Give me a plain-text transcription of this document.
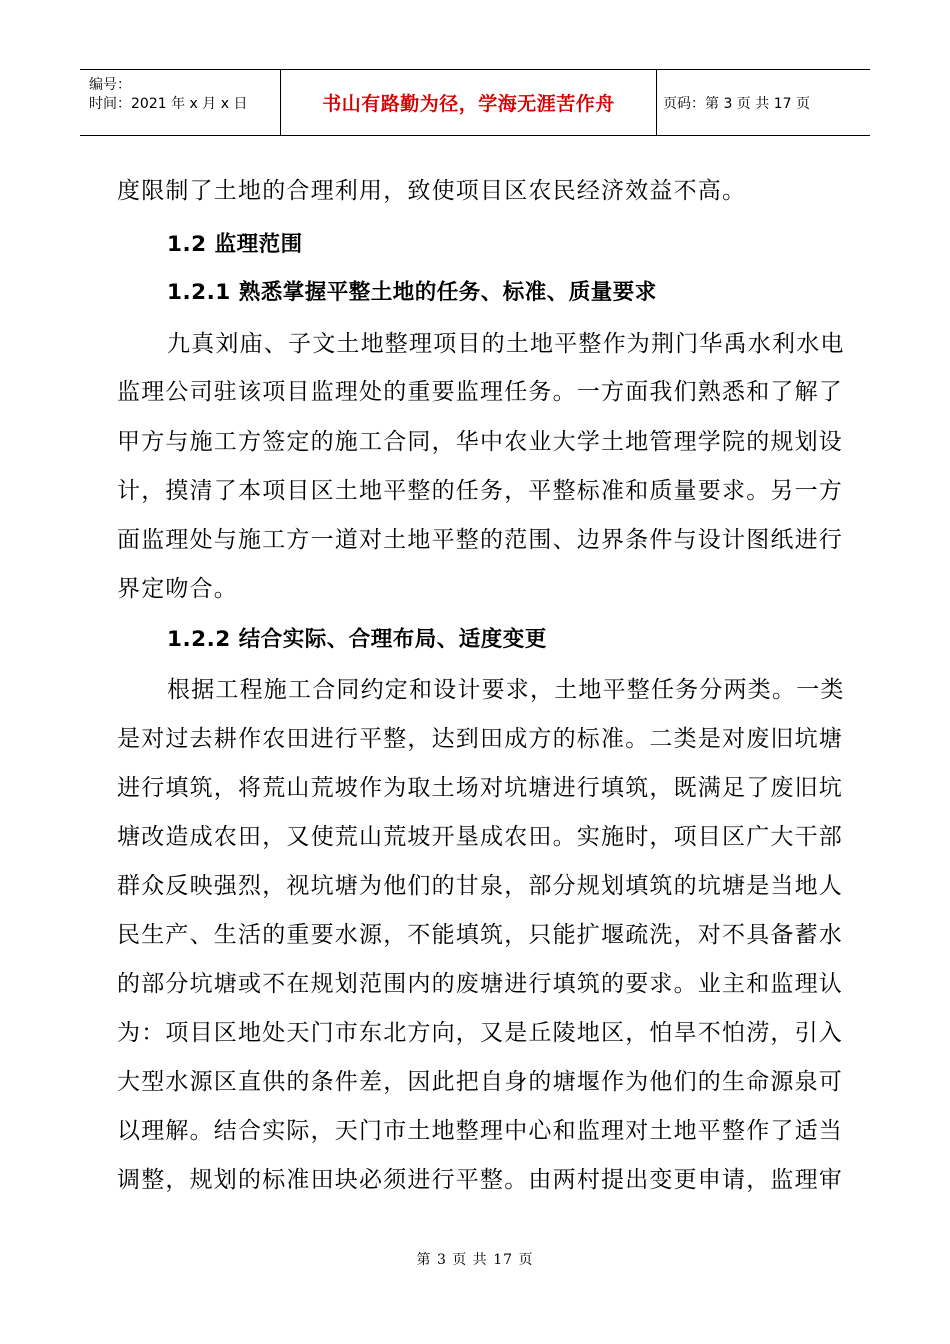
编号：
时间：2021 年 x 月 x 日	书山有路勤为径，学海无涯苦作舟	页码：第 3 页 共 17 页
度限制了土地的合理利用，致使项目区农民经济效益不高。
1.2 监理范围
1.2.1 熟悉掌握平整土地的任务、标准、质量要求
九真刘庙、子文土地整理项目的土地平整作为荆门华禹水利水电
监理公司驻该项目监理处的重要监理任务。一方面我们熟悉和了解了
甲方与施工方签定的施工合同，华中农业大学土地管理学院的规划设
计，摸清了本项目区土地平整的任务，平整标准和质量要求。另一方
面监理处与施工方一道对土地平整的范围、边界条件与设计图纸进行
界定吻合。
1.2.2 结合实际、合理布局、适度变更
根据工程施工合同约定和设计要求，土地平整任务分两类。一类
是对过去耕作农田进行平整，达到田成方的标准。二类是对废旧坑塘
进行填筑，将荒山荒坡作为取土场对坑塘进行填筑，既满足了废旧坑
塘改造成农田，又使荒山荒坡开垦成农田。实施时，项目区广大干部
群众反映强烈，视坑塘为他们的甘泉，部分规划填筑的坑塘是当地人
民生产、生活的重要水源，不能填筑，只能扩堰疏洗，对不具备蓄水
的部分坑塘或不在规划范围内的废塘进行填筑的要求。业主和监理认
为：项目区地处天门市东北方向，又是丘陵地区，怕旱不怕涝，引入
大型水源区直供的条件差，因此把自身的塘堰作为他们的生命源泉可
以理解。结合实际，天门市土地整理中心和监理对土地平整作了适当
调整，规划的标准田块必须进行平整。由两村提出变更申请，监理审
第 3 页 共 17 页
